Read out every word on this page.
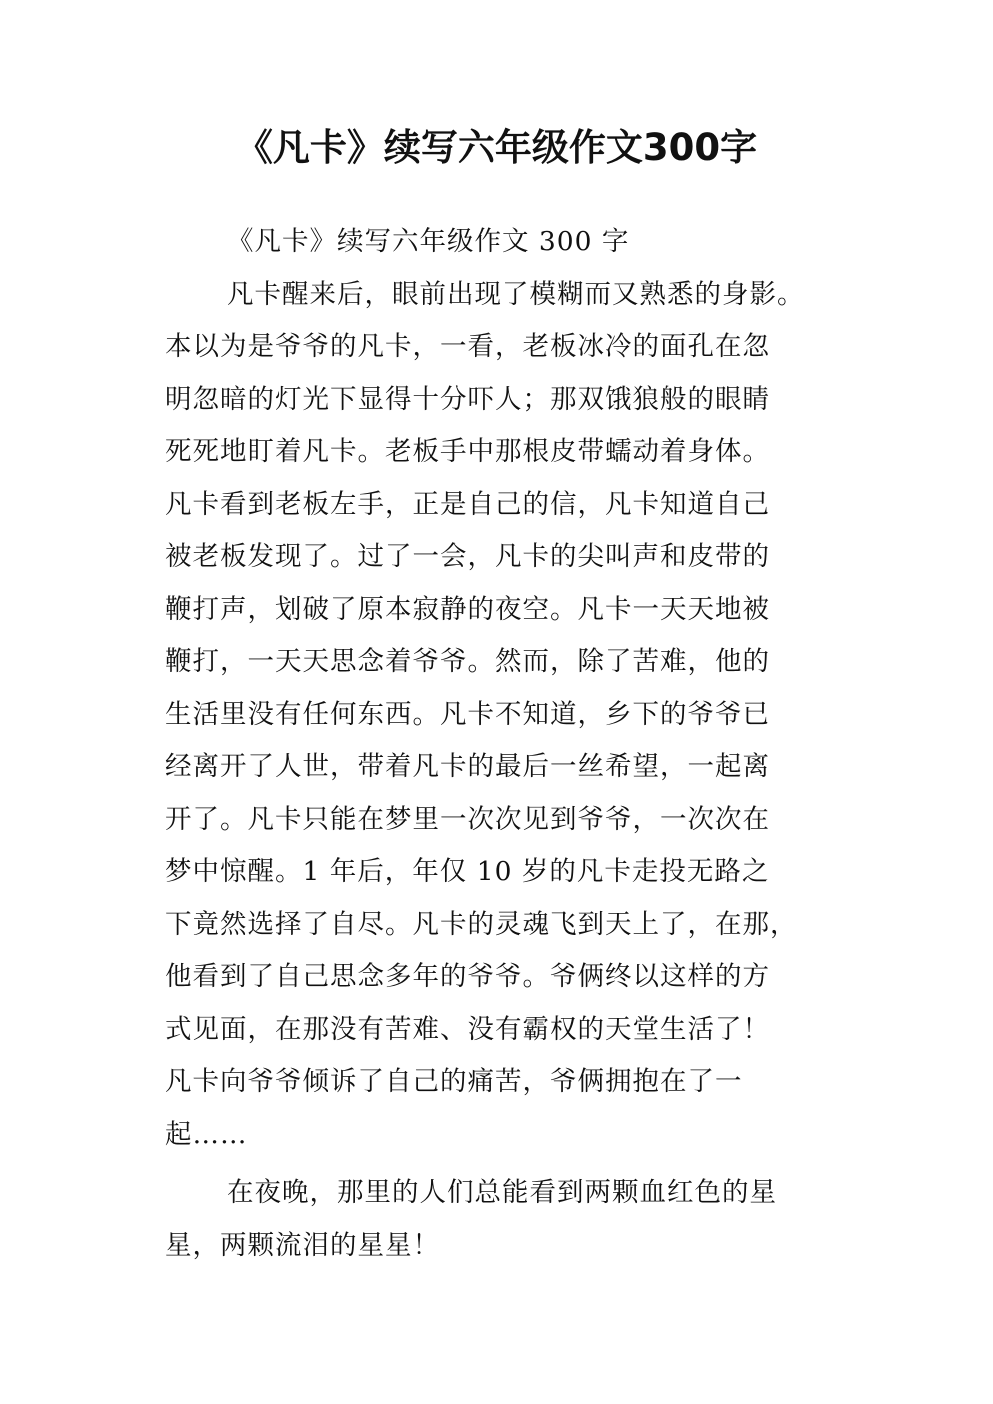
《凡卡》续写六年级作文300字
《凡卡》续写六年级作文 300 字
凡卡醒来后，眼前出现了模糊而又熟悉的身影。
本以为是爷爷的凡卡，一看，老板冰冷的面孔在忽
明忽暗的灯光下显得十分吓人；那双饿狼般的眼睛
死死地盯着凡卡。老板手中那根皮带蠕动着身体。
凡卡看到老板左手，正是自己的信，凡卡知道自己
被老板发现了。过了一会，凡卡的尖叫声和皮带的
鞭打声，划破了原本寂静的夜空。凡卡一天天地被
鞭打，一天天思念着爷爷。然而，除了苦难，他的
生活里没有任何东西。凡卡不知道，乡下的爷爷已
经离开了人世，带着凡卡的最后一丝希望，一起离
开了。凡卡只能在梦里一次次见到爷爷，一次次在
梦中惊醒。1 年后，年仅 10 岁的凡卡走投无路之
下竟然选择了自尽。凡卡的灵魂飞到天上了，在那，
他看到了自己思念多年的爷爷。爷俩终以这样的方
式见面，在那没有苦难、没有霸权的天堂生活了！
凡卡向爷爷倾诉了自己的痛苦，爷俩拥抱在了一
起……
在夜晚，那里的人们总能看到两颗血红色的星
星，两颗流泪的星星！
